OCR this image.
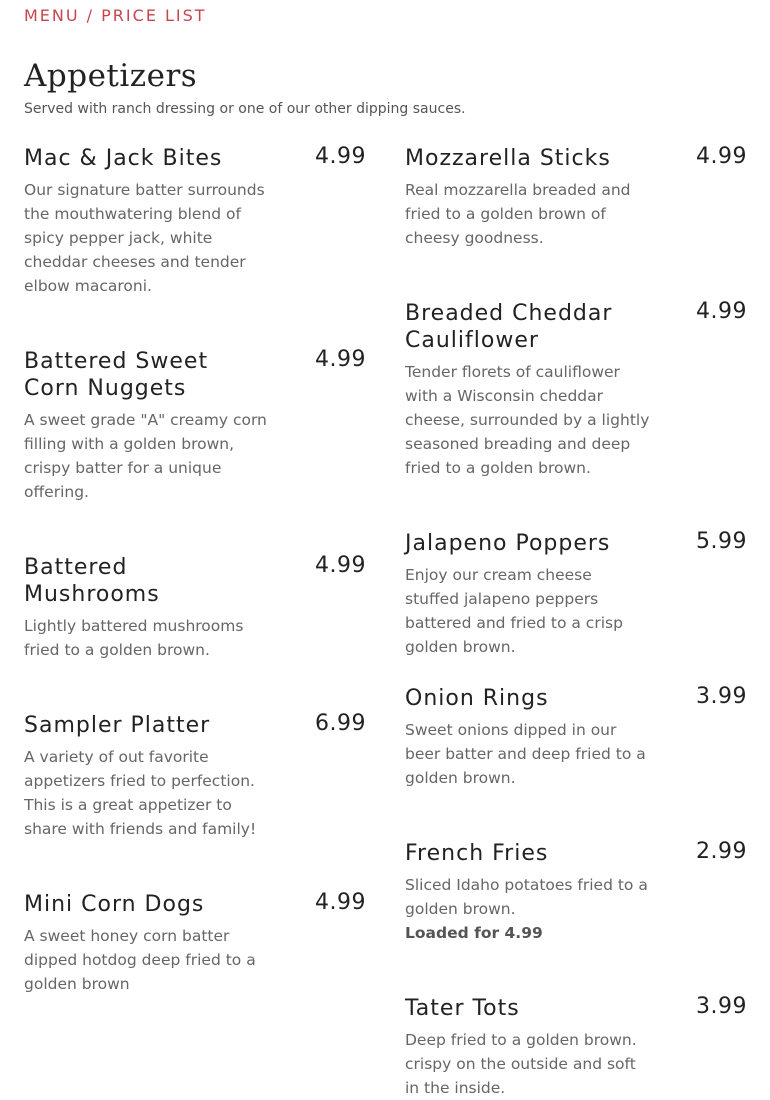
MENU / PRICE LIST
Appetizers
Served with ranch dressing or one of our other dipping sauces.
Mac & Jack Bites	4.99
Our signature batter surrounds the mouthwatering blend of spicy pepper jack, white cheddar cheeses and tender elbow macaroni.
Battered Sweet Corn Nuggets
4.99
A sweet grade "A" creamy corn filling with a golden brown, crispy batter for a unique offering.
Battered Mushrooms
4.99
Lightly battered mushrooms fried to a golden brown.
Sampler Platter	6.99
A variety of out favorite appetizers fried to perfection. This is a great appetizer to share with friends and family!
Mini Corn Dogs	4.99
A sweet honey corn batter dipped hotdog deep fried to a golden brown
Mozzarella Sticks	4.99
Real mozzarella breaded and fried to a golden brown of cheesy goodness.
Breaded Cheddar Cauliflower
4.99
Tender florets of cauliflower with a Wisconsin cheddar cheese, surrounded by a lightly seasoned breading and deep fried to a golden brown.
Jalapeno Poppers	5.99
Enjoy our cream cheese stuffed jalapeno peppers battered and fried to a crisp golden brown.
Onion Rings	3.99
Sweet onions dipped in our beer batter and deep fried to a golden brown.
French Fries	2.99
Sliced Idaho potatoes fried to a golden brown.
Loaded for 4.99
Tater Tots	3.99
Deep fried to a golden brown. crispy on the outside and soft in the inside.
